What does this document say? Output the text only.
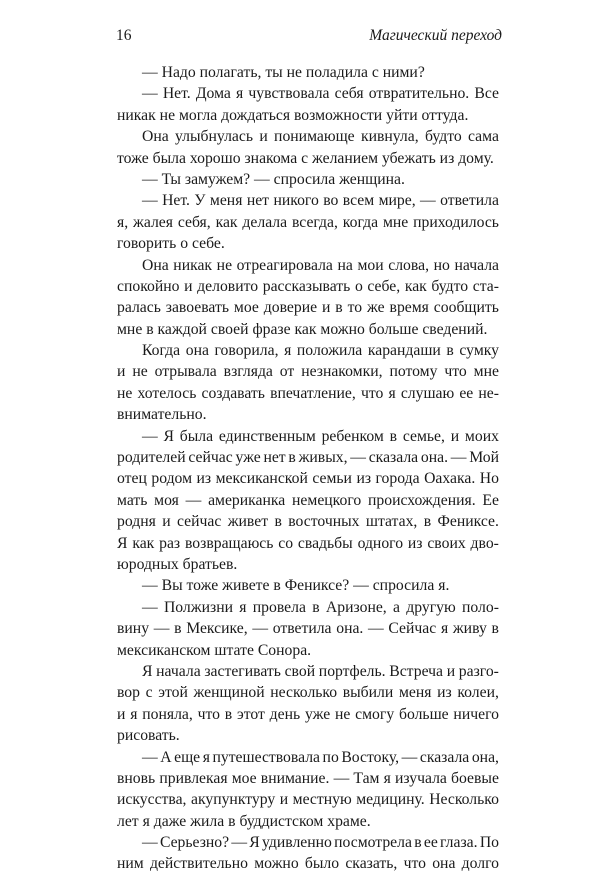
16	Магический переход
— Надо полагать, ты не поладила с ними?
— Нет. Дома я чувствовала себя отвратительно. Все
никак не могла дождаться возможности уйти оттуда.
Она улыбнулась и понимающе кивнула, будто сама
тоже была хорошо знакома с желанием убежать из дому.
— Ты замужем? — спросила женщина.
— Нет. У меня нет никого во всем мире, — ответила
я, жалея себя, как делала всегда, когда мне приходилось
говорить о себе.
Она никак не отреагировала на мои слова, но начала
спокойно и деловито рассказывать о себе, как будто ста-
ралась завоевать мое доверие и в то же время сообщить
мне в каждой своей фразе как можно больше сведений.
Когда она говорила, я положила карандаши в сумку
и не отрывала взгляда от незнакомки, потому что мне
не хотелось создавать впечатление, что я слушаю ее не-
внимательно.
— Я была единственным ребенком в семье, и моих
родителей сейчас уже нет в живых, — сказала она. — Мой
отец родом из мексиканской семьи из города Оахака. Но
мать моя — американка немецкого происхождения. Ее
родня и сейчас живет в восточных штатах, в Фениксе.
Я как раз возвращаюсь со свадьбы одного из своих дво-
юродных братьев.
— Вы тоже живете в Фениксе? — спросила я.
— Полжизни я провела в Аризоне, а другую поло-
вину — в Мексике, — ответила она. — Сейчас я живу в
мексиканском штате Сонора.
Я начала застегивать свой портфель. Встреча и разго-
вор с этой женщиной несколько выбили меня из колеи,
и я поняла, что в этот день уже не смогу больше ничего
рисовать.
— А еще я путешествовала по Востоку, — сказала она,
вновь привлекая мое внимание. — Там я изучала боевые
искусства, акупунктуру и местную медицину. Несколько
лет я даже жила в буддистском храме.
— Серьезно? — Я удивленно посмотрела в ее глаза. По
ним действительно можно было сказать, что она долго
